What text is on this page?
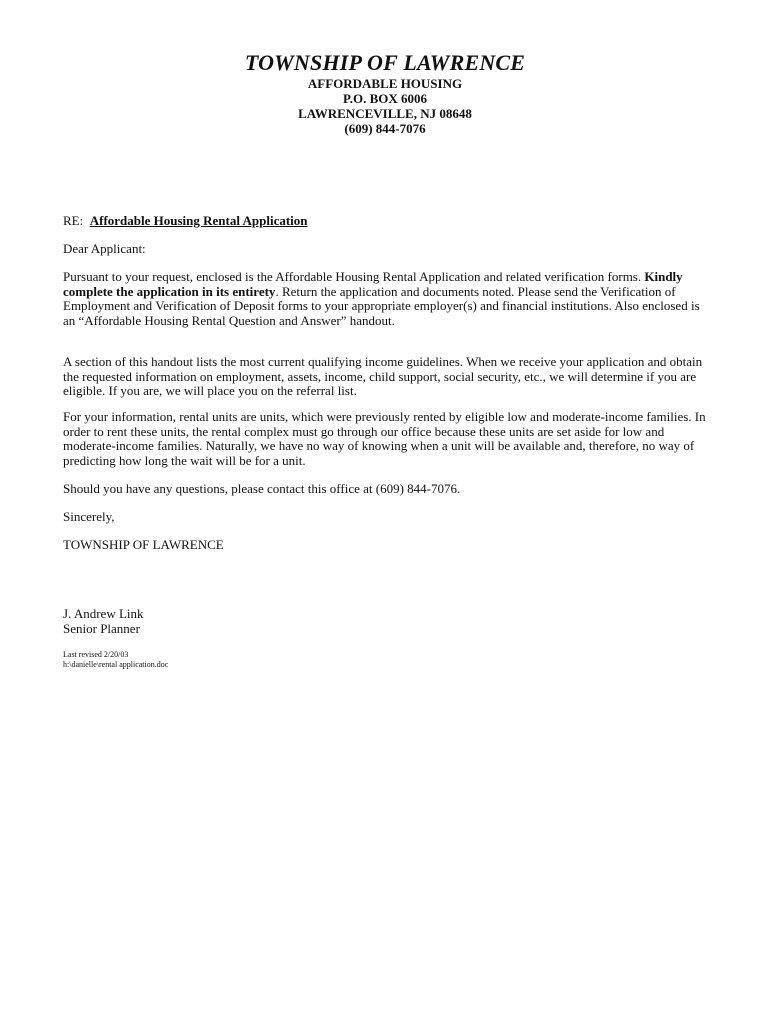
TOWNSHIP OF LAWRENCE
AFFORDABLE HOUSING
P.O. BOX 6006
LAWRENCEVILLE, NJ 08648
(609) 844-7076
RE: Affordable Housing Rental Application
Dear Applicant:
Pursuant to your request, enclosed is the Affordable Housing Rental Application and related verification forms. Kindly complete the application in its entirety. Return the application and documents noted. Please send the Verification of Employment and Verification of Deposit forms to your appropriate employer(s) and financial institutions. Also enclosed is an “Affordable Housing Rental Question and Answer” handout.
A section of this handout lists the most current qualifying income guidelines. When we receive your application and obtain the requested information on employment, assets, income, child support, social security, etc., we will determine if you are eligible. If you are, we will place you on the referral list.
For your information, rental units are units, which were previously rented by eligible low and moderate-income families. In order to rent these units, the rental complex must go through our office because these units are set aside for low and moderate-income families. Naturally, we have no way of knowing when a unit will be available and, therefore, no way of predicting how long the wait will be for a unit.
Should you have any questions, please contact this office at (609) 844-7076.
Sincerely,
TOWNSHIP OF LAWRENCE
J. Andrew Link
Senior Planner
Last revised 2/20/03
h:\danielle\rental application.doc
